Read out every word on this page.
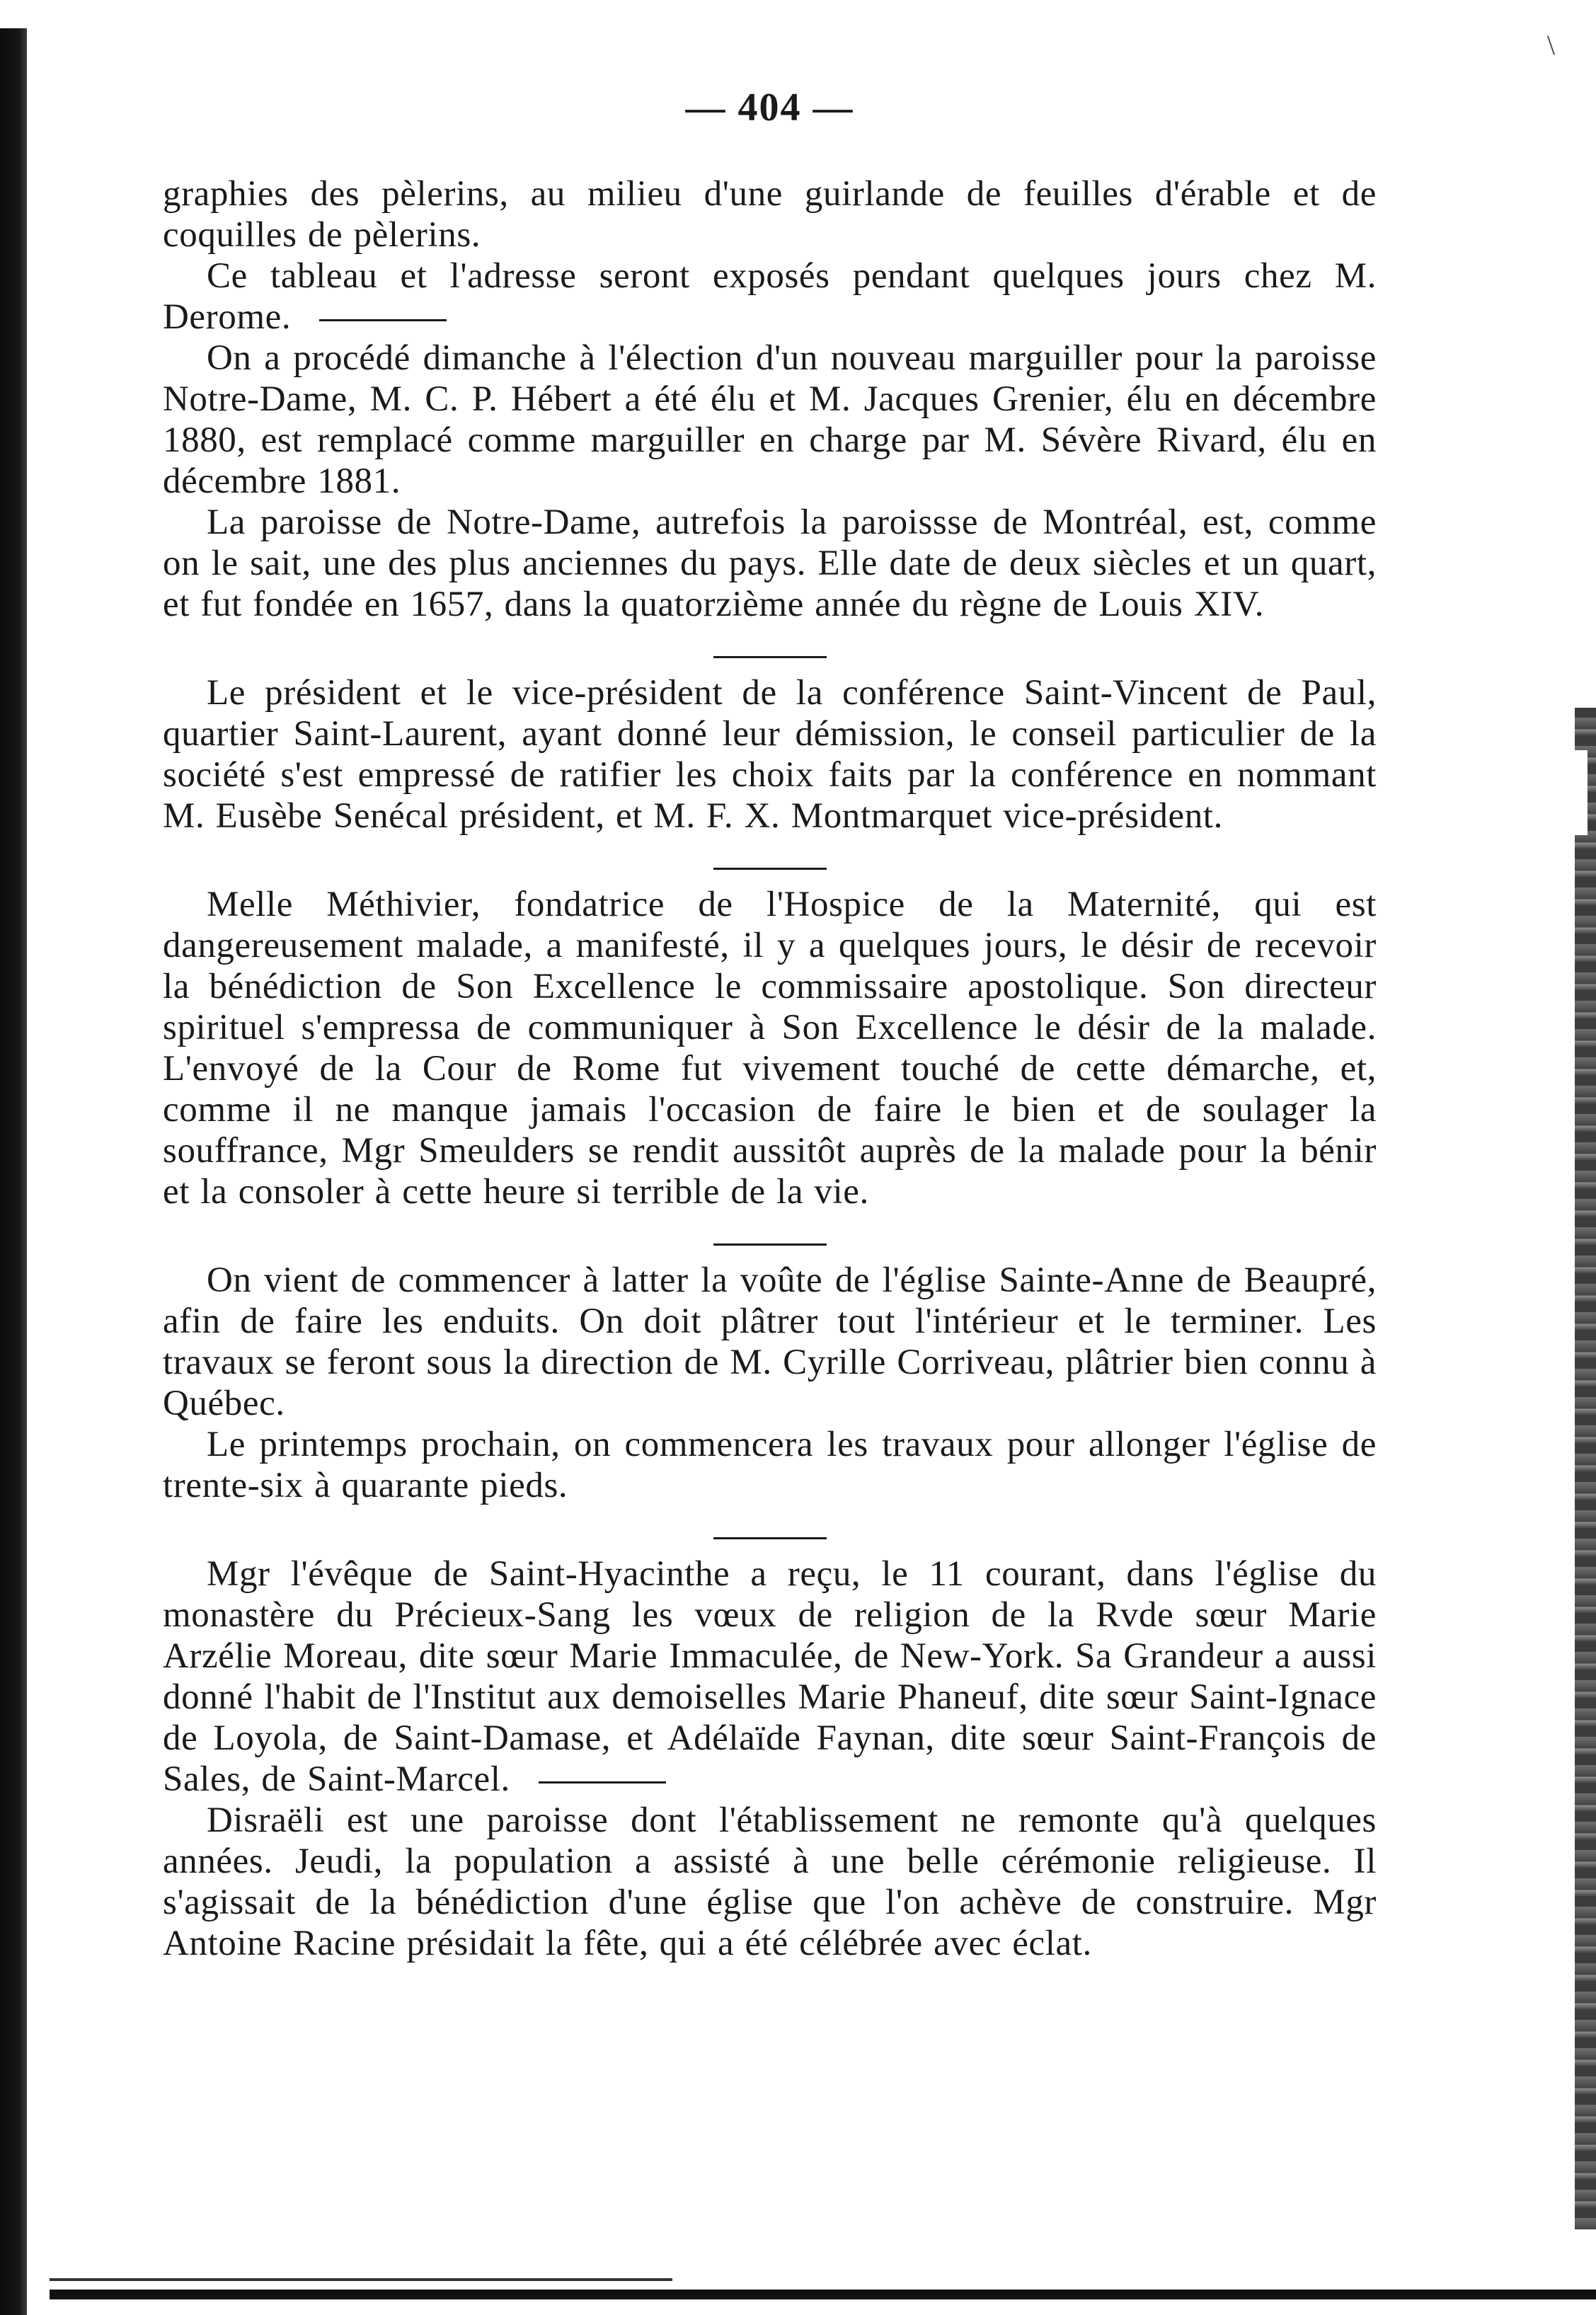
\
— 404 —

graphies des pèlerins, au milieu d'une guirlande de feuilles d'érable et de coquilles de pèlerins.

Ce tableau et l'adresse seront exposés pendant quelques jours chez M. Derome.

On a procédé dimanche à l'élection d'un nouveau marguiller pour la paroisse Notre-Dame, M. C. P. Hébert a été élu et M. Jacques Grenier, élu en décembre 1880, est remplacé comme marguiller en charge par M. Sévère Rivard, élu en décembre 1881.

La paroisse de Notre-Dame, autrefois la paroissse de Montréal, est, comme on le sait, une des plus anciennes du pays. Elle date de deux siècles et un quart, et fut fondée en 1657, dans la quatorzième année du règne de Louis XIV.

Le président et le vice-président de la conférence Saint-Vincent de Paul, quartier Saint-Laurent, ayant donné leur démission, le conseil particulier de la société s'est empressé de ratifier les choix faits par la conférence en nommant M. Eusèbe Senécal président, et M. F. X. Montmarquet vice-président.

Melle Méthivier, fondatrice de l'Hospice de la Maternité, qui est dangereusement malade, a manifesté, il y a quelques jours, le désir de recevoir la bénédiction de Son Excellence le commissaire apostolique. Son directeur spirituel s'empressa de communiquer à Son Excellence le désir de la malade. L'envoyé de la Cour de Rome fut vivement touché de cette démarche, et, comme il ne manque jamais l'occasion de faire le bien et de soulager la souffrance, Mgr Smeulders se rendit aussitôt auprès de la malade pour la bénir et la consoler à cette heure si terrible de la vie.

On vient de commencer à latter la voûte de l'église Sainte-Anne de Beaupré, afin de faire les enduits. On doit plâtrer tout l'intérieur et le terminer. Les travaux se feront sous la direction de M. Cyrille Corriveau, plâtrier bien connu à Québec.

Le printemps prochain, on commencera les travaux pour allonger l'église de trente-six à quarante pieds.

Mgr l'évêque de Saint-Hyacinthe a reçu, le 11 courant, dans l'église du monastère du Précieux-Sang les vœux de religion de la Rvde sœur Marie Arzélie Moreau, dite sœur Marie Immaculée, de New-York. Sa Grandeur a aussi donné l'habit de l'Institut aux demoiselles Marie Phaneuf, dite sœur Saint-Ignace de Loyola, de Saint-Damase, et Adélaïde Faynan, dite sœur Saint-François de Sales, de Saint-Marcel.

Disraëli est une paroisse dont l'établissement ne remonte qu'à quelques années. Jeudi, la population a assisté à une belle cérémonie religieuse. Il s'agissait de la bénédiction d'une église que l'on achève de construire. Mgr Antoine Racine présidait la fête, qui a été célébrée avec éclat.
